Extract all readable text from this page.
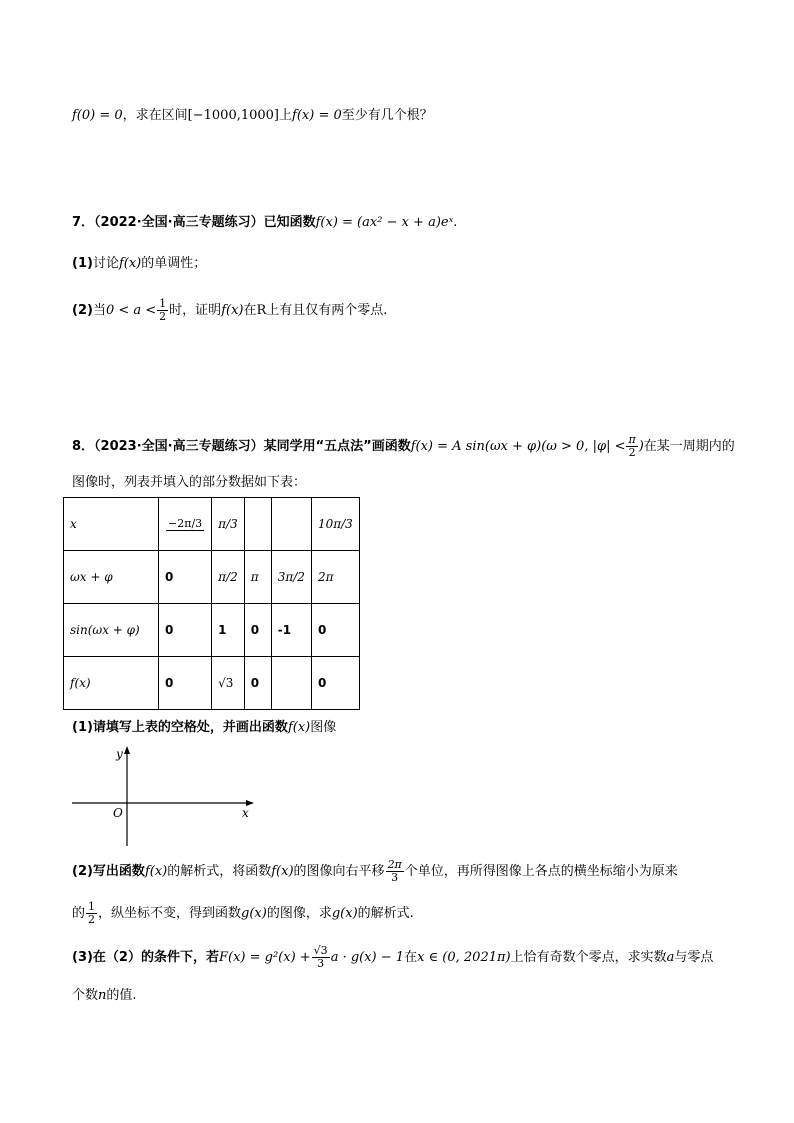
f(0) = 0，求在区间[−1000,1000]上f(x) = 0至少有几个根？
7．（2022·全国·高三专题练习）已知函数f(x) = (ax² − x + a)eˣ.
(1)讨论f(x)的单调性；
(2)当$0 < a < \frac{1}{2}$ 时，证明f(x)在R上有且仅有两个零点.
8．（2023·全国·高三专题练习）某同学用“五点法”画函数f(x) = A sin(ωx + φ)(ω > 0, $|\varphi| < \frac{\pi}{2}$ )在某一周期内的
图像时，列表并填入的部分数据如下表：
x	−2π/3	π/3			10π/3
ωx + φ	0	π/2	π	3π/2	2π
sin(ωx + φ)	0	1	0	-1	0
f(x)	0	√3	0		0
(1)请填写上表的空格处，并画出函数f(x)图像
y
x
O
(2)写出函数f(x)的解析式，将函数f(x)的图像向右平移 $\frac{2\pi}{3}$ 个单位，再所得图像上各点的横坐标缩小为原来
的 $\frac{1}{2}$ ，纵坐标不变，得到函数g(x)的图像，求g(x)的解析式.
(3)在（2）的条件下，若$F(x) = g^2(x) + \frac{√3}{3}$ a · g(x) − 1在x ∈ (0, 2021π)上恰有奇数个零点，求实数a与零点
个数n的值.
